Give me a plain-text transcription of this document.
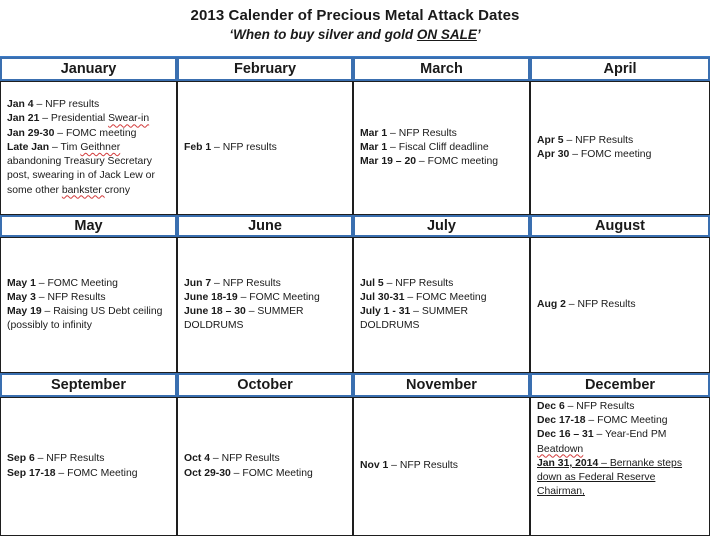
2013 Calender of Precious Metal Attack Dates
‘When to buy silver and gold ON SALE’
January
Jan 4 – NFP results
Jan 21 – Presidential Swear-in
Jan 29-30 – FOMC meeting
Late Jan – Tim Geithner abandoning Treasury Secretary post, swearing in of Jack Lew or some other bankster crony
February
Feb 1 – NFP results
March
Mar 1 – NFP Results
Mar 1 – Fiscal Cliff deadline
Mar 19 – 20 – FOMC meeting
April
Apr 5 – NFP Results
Apr 30 – FOMC meeting
May
May 1 – FOMC Meeting
May 3 – NFP Results
May 19 – Raising US Debt ceiling (possibly to infinity
June
Jun 7 – NFP Results
June 18-19 – FOMC Meeting
June 18 – 30 – SUMMER DOLDRUMS
July
Jul 5 – NFP Results
Jul 30-31 – FOMC Meeting
July 1 - 31 – SUMMER DOLDRUMS
August
Aug 2 – NFP Results
September
Sep 6 – NFP Results
Sep 17-18 – FOMC Meeting
October
Oct 4 – NFP Results
Oct 29-30 – FOMC Meeting
November
Nov 1 – NFP Results
December
Dec 6 – NFP Results
Dec 17-18 – FOMC Meeting
Dec 16 – 31 – Year-End PM Beatdown
Jan 31, 2014 – Bernanke steps down as Federal Reserve Chairman,
